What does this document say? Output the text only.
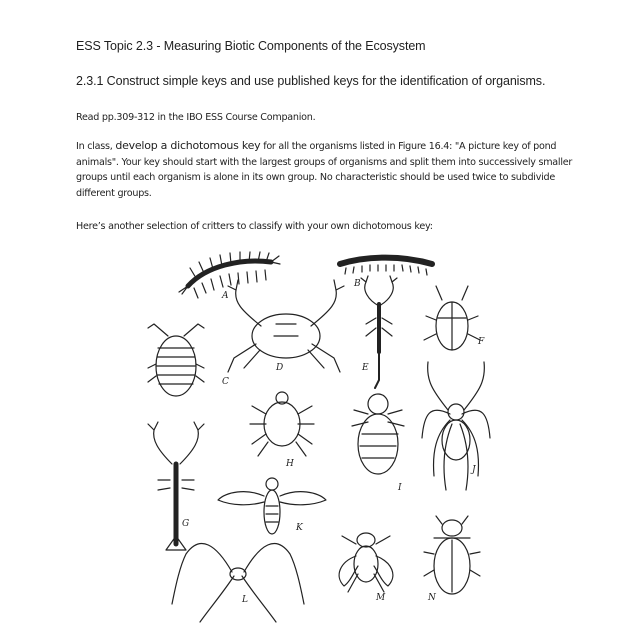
ESS Topic 2.3 - Measuring Biotic Components of the Ecosystem
2.3.1 Construct simple keys and use published keys for the identification of organisms.
Read pp.309-312 in the IBO ESS Course Companion.
In class, develop a dichotomous key for all the organisms listed in Figure 16.4: "A picture key of pond animals". Your key should start with the largest groups of organisms and split them into successively smaller groups until each organism is alone in its own group. No characteristic should be used twice to subdivide different groups.
Here’s another selection of critters to classify with your own dichotomous key:
A
B
C
D	E
F
G
H
I
J
K
L	M	N
